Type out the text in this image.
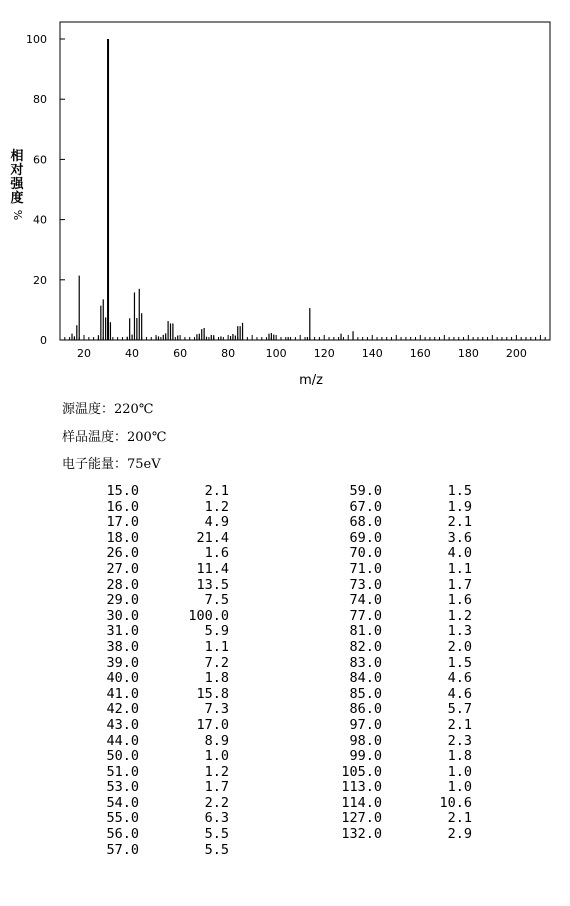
20	40	60	80	100 120 140 160 180 200
0
20
40
60
80
100
m/z
相
对
强
度
%
源温度：220℃
样品温度：200℃
电子能量：75eV
15.0	2.1
16.0	1.2
17.0	4.9
18.0	21.4
26.0	1.6
27.0	11.4
28.0	13.5
29.0	7.5
30.0	100.0
31.0	5.9
38.0	1.1
39.0	7.2
40.0	1.8
41.0	15.8
42.0	7.3
43.0	17.0
44.0	8.9
50.0	1.0
51.0	1.2
53.0	1.7
54.0	2.2
55.0	6.3
56.0	5.5
57.0	5.5
59.0	1.5
67.0	1.9
68.0	2.1
69.0	3.6
70.0	4.0
71.0	1.1
73.0	1.7
74.0	1.6
77.0	1.2
81.0	1.3
82.0	2.0
83.0	1.5
84.0	4.6
85.0	4.6
86.0	5.7
97.0	2.1
98.0	2.3
99.0	1.8
105.0	1.0
113.0	1.0
114.0	10.6
127.0	2.1
132.0	2.9
